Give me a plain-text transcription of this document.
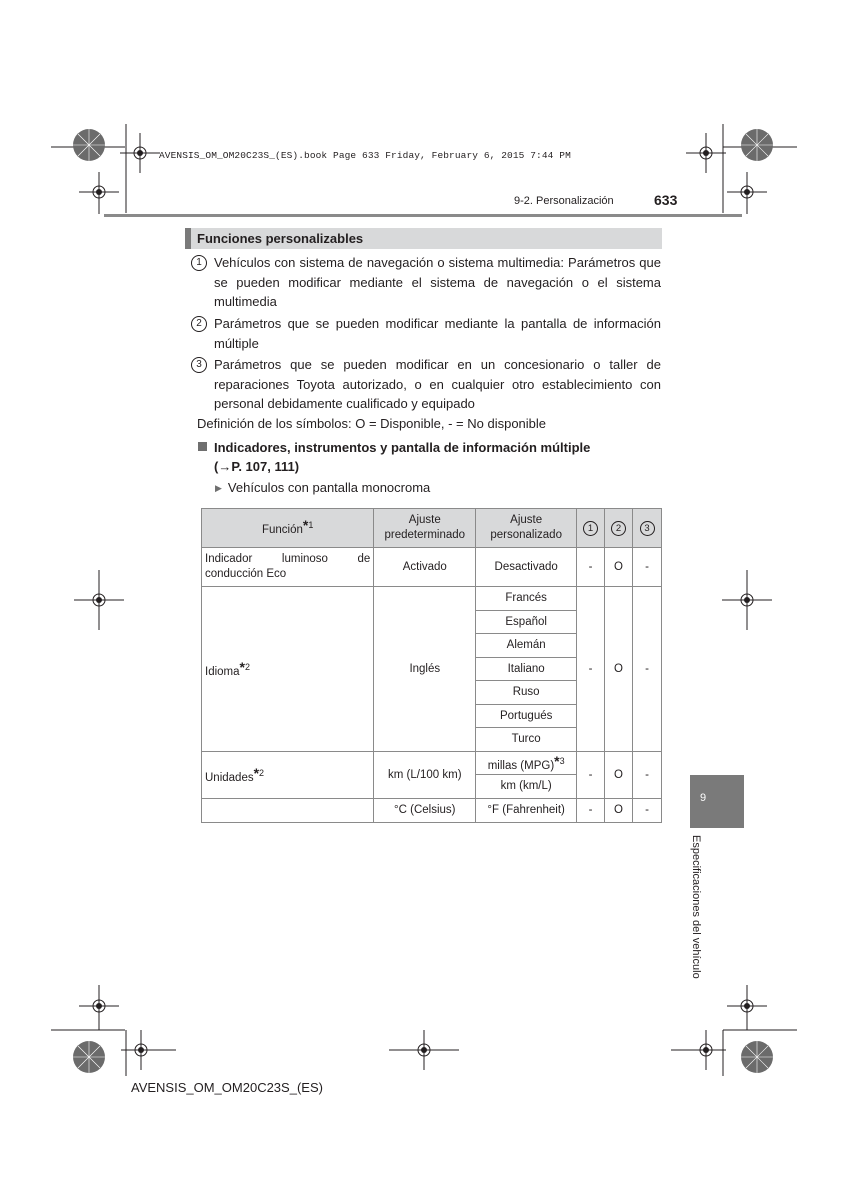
AVENSIS_OM_OM20C23S_(ES).book Page 633 Friday, February 6, 2015 7:44 PM
9-2. Personalización	633
Funciones personalizables
1 Vehículos con sistema de navegación o sistema multimedia: Parámetros que se pueden modificar mediante el sistema de navegación o el sistema multimedia
2 Parámetros que se pueden modificar mediante la pantalla de información múltiple
3 Parámetros que se pueden modificar en un concesionario o taller de reparaciones Toyota autorizado, o en cualquier otro establecimiento con personal debidamente cualificado y equipado
Definición de los símbolos: O = Disponible, - = No disponible
Indicadores, instrumentos y pantalla de información múltiple
(→P. 107, 111)
▶ Vehículos con pantalla monocroma
Función$^{*1}$	Ajuste predeterminado	Ajuste personalizado	1	2	3
Indicador luminoso de conducción Eco	Activado	Desactivado	-	O	-
Idioma$^{*2}$	Inglés	Francés	-	O	-
		Español			
		Alemán			
		Italiano			
		Ruso			
		Portugués			
		Turco			
Unidades$^{*2}$	km (L/100 km)	millas (MPG)$^{*3}$	-	O	-
		km (km/L)			
	°C (Celsius)	°F (Fahrenheit)	-	O	-
9
Especificaciones del vehículo
AVENSIS_OM_OM20C23S_(ES)
